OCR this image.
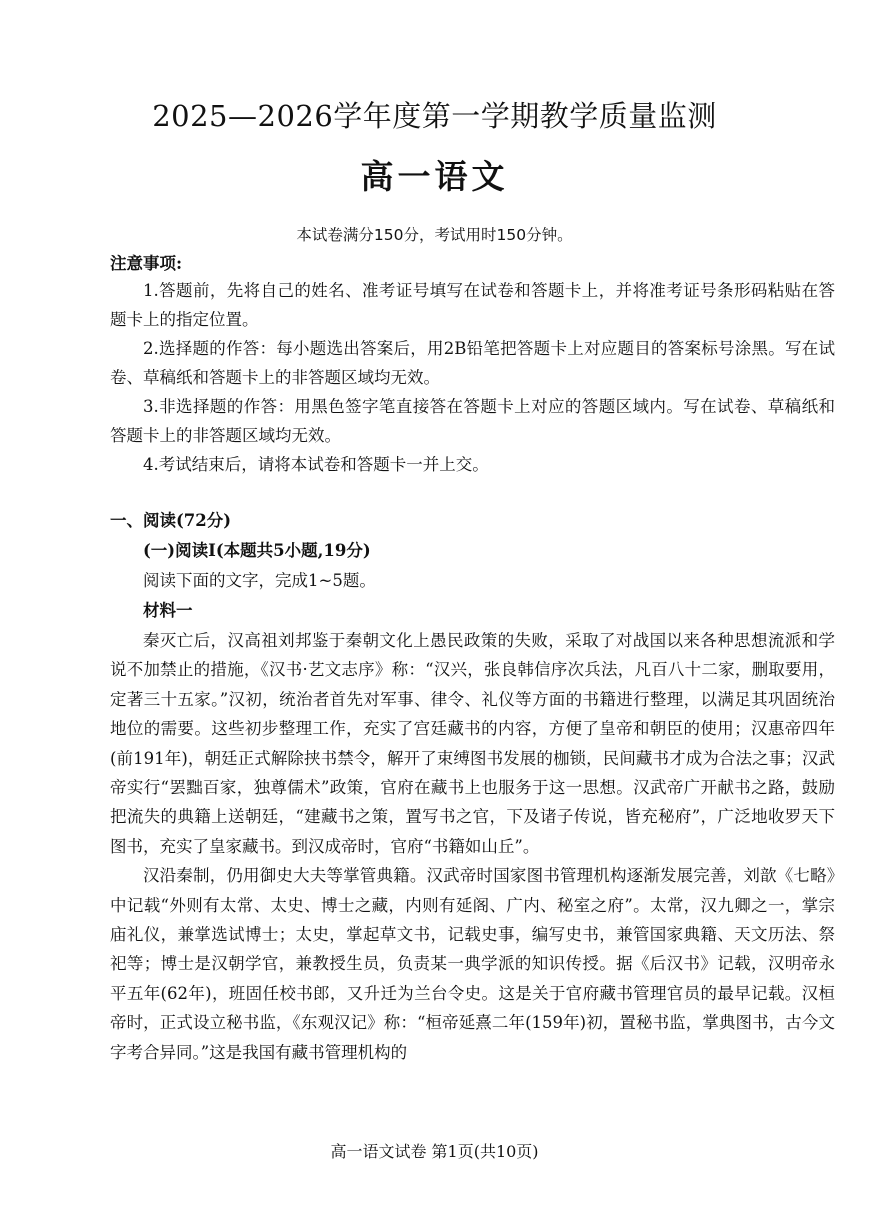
2025—2026学年度第一学期教学质量监测
高一语文
本试卷满分150分，考试用时150分钟。
注意事项:

1.答题前，先将自己的姓名、准考证号填写在试卷和答题卡上，并将准考证号条形码粘贴在答题卡上的指定位置。

2.选择题的作答：每小题选出答案后，用2B铅笔把答题卡上对应题目的答案标号涂黑。写在试卷、草稿纸和答题卡上的非答题区域均无效。

3.非选择题的作答：用黑色签字笔直接答在答题卡上对应的答题区域内。写在试卷、草稿纸和答题卡上的非答题区域均无效。

4.考试结束后，请将本试卷和答题卡一并上交。

一、阅读(72分)
(一)阅读Ⅰ(本题共5小题,19分)
阅读下面的文字，完成1~5题。
材料一

秦灭亡后，汉高祖刘邦鉴于秦朝文化上愚民政策的失败，采取了对战国以来各种思想流派和学说不加禁止的措施，《汉书·艺文志序》称：“汉兴，张良韩信序次兵法，凡百八十二家，删取要用，定著三十五家。”汉初，统治者首先对军事、律令、礼仪等方面的书籍进行整理，以满足其巩固统治地位的需要。这些初步整理工作，充实了宫廷藏书的内容，方便了皇帝和朝臣的使用；汉惠帝四年(前191年)，朝廷正式解除挟书禁令，解开了束缚图书发展的枷锁，民间藏书才成为合法之事；汉武帝实行“罢黜百家，独尊儒术”政策，官府在藏书上也服务于这一思想。汉武帝广开献书之路，鼓励把流失的典籍上送朝廷，“建藏书之策，置写书之官，下及诸子传说，皆充秘府”，广泛地收罗天下图书，充实了皇家藏书。到汉成帝时，官府“书籍如山丘”。

汉沿秦制，仍用御史大夫等掌管典籍。汉武帝时国家图书管理机构逐渐发展完善，刘歆《七略》中记载“外则有太常、太史、博士之藏，内则有延阁、广内、秘室之府”。太常，汉九卿之一，掌宗庙礼仪，兼掌选试博士；太史，掌起草文书，记载史事，编写史书，兼管国家典籍、天文历法、祭祀等；博士是汉朝学官，兼教授生员，负责某一典学派的知识传授。据《后汉书》记载，汉明帝永平五年(62年)，班固任校书郎，又升迁为兰台令史。这是关于官府藏书管理官员的最早记载。汉桓帝时，正式设立秘书监，《东观汉记》称：“桓帝延熹二年(159年)初，置秘书监，掌典图书，古今文字考合异同。”这是我国有藏书管理机构的

高一语文试卷 第1页(共10页)
